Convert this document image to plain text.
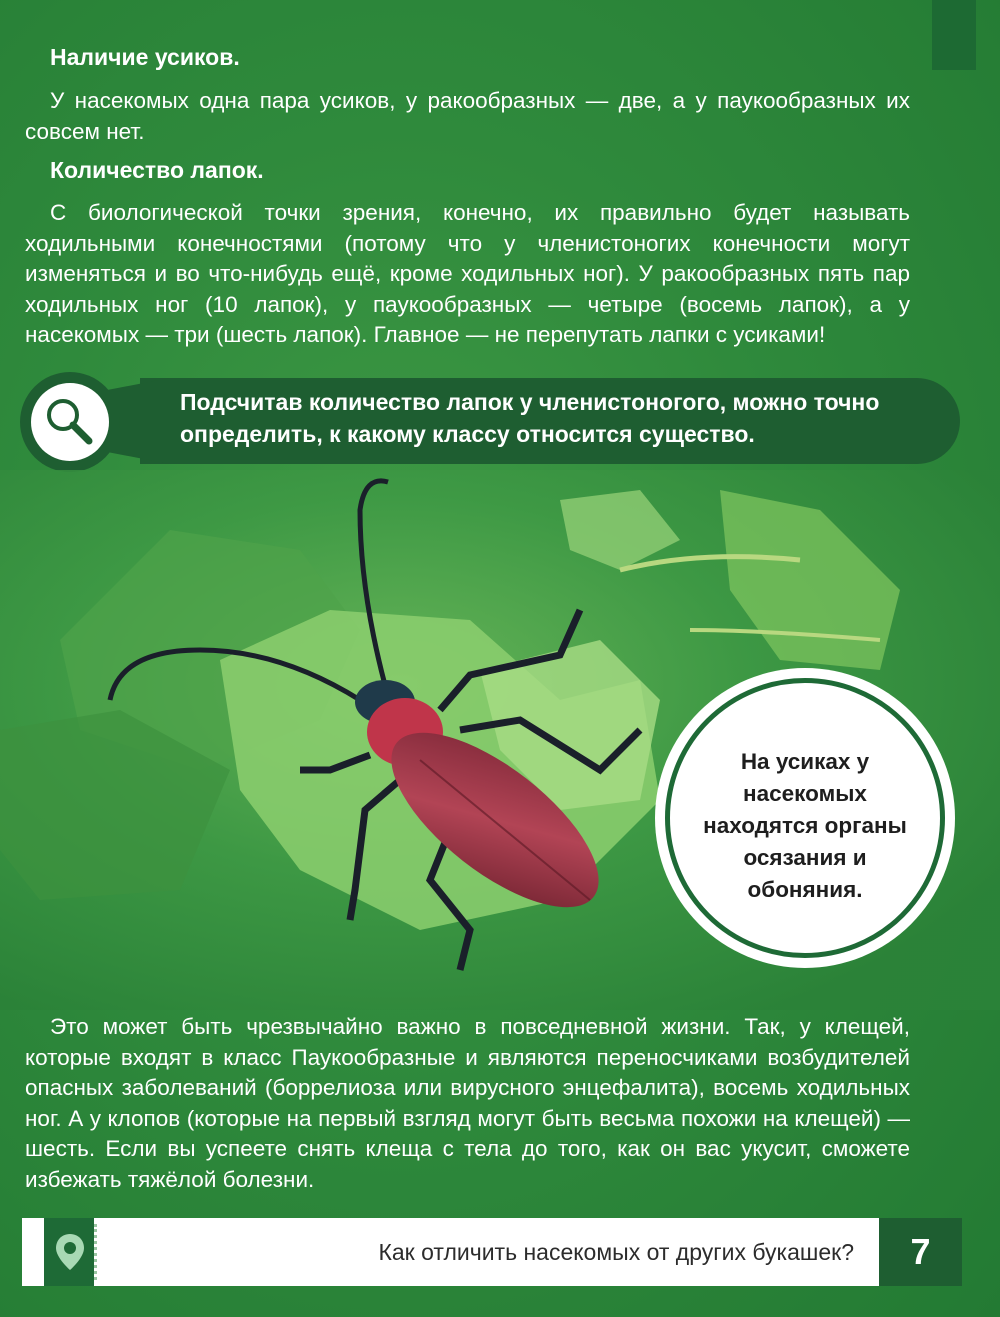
Наличие усиков.
У насекомых одна пара усиков, у ракообразных — две, а у паукообразных их совсем нет.
Количество лапок.
С биологической точки зрения, конечно, их правильно будет называть ходильными конечностями (потому что у членистоногих конечности могут изменяться и во что-нибудь ещё, кроме ходильных ног). У ракообразных пять пар ходильных ног (10 лапок), у паукообразных — четыре (восемь лапок), а у насекомых — три (шесть лапок). Главное — не перепутать лапки с усиками!
Подсчитав количество лапок у членистоногого, можно точно определить, к какому классу относится существо.
На усиках у насекомых находятся органы осязания и обоняния.
Это может быть чрезвычайно важно в повседневной жизни. Так, у клещей, которые входят в класс Паукообразные и являются переносчиками возбудителей опасных заболеваний (боррелиоза или вирусного энцефалита), восемь ходильных ног. А у клопов (которые на первый взгляд могут быть весьма похожи на клещей) — шесть. Если вы успеете снять клеща с тела до того, как он вас укусит, сможете избежать тяжёлой болезни.
Как отличить насекомых от других букашек?	7
